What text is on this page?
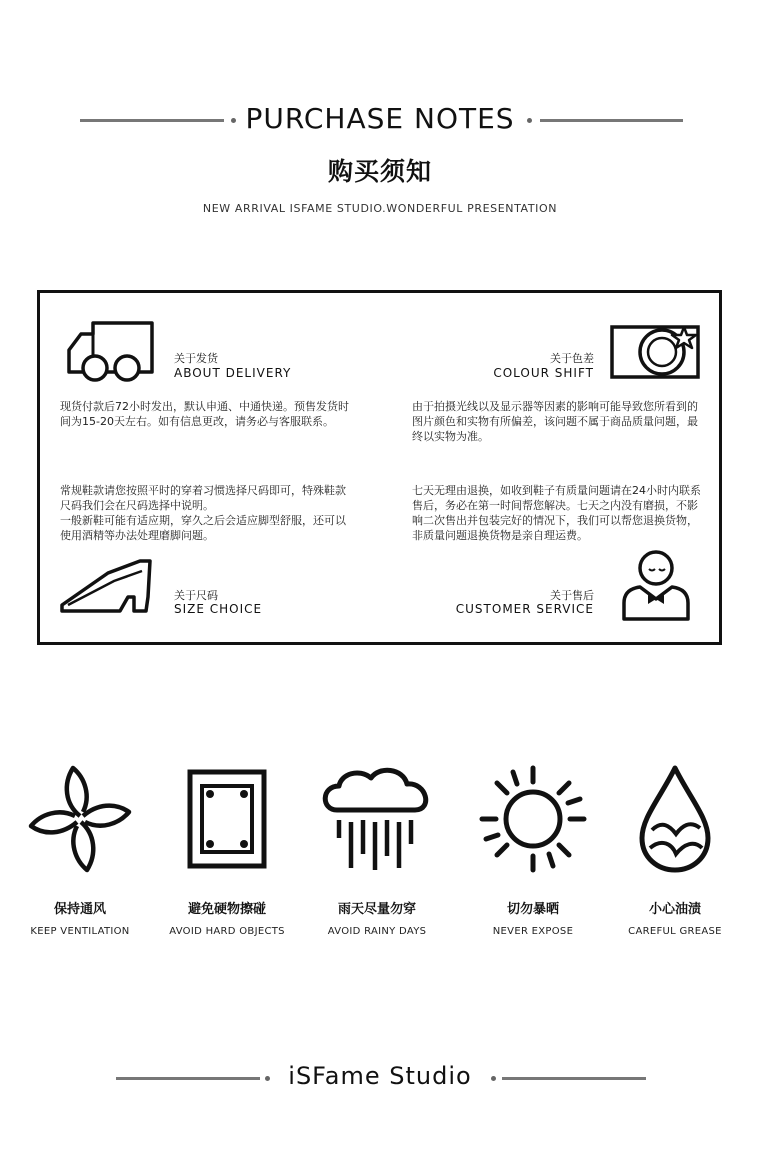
PURCHASE NOTES
购买须知
NEW ARRIVAL ISFAME STUDIO.WONDERFUL PRESENTATION
关于发货
ABOUT DELIVERY

现货付款后72小时发出，默认申通、中通快递。预售发货时间为15-20天左右。如有信息更改，请务必与客服联系。

关于色差
COLOUR SHIFT

由于拍摄光线以及显示器等因素的影响可能导致您所看到的图片颜色和实物有所偏差，该问题不属于商品质量问题，最终以实物为准。

常规鞋款请您按照平时的穿着习惯选择尺码即可，特殊鞋款尺码我们会在尺码选择中说明。

一般新鞋可能有适应期，穿久之后会适应脚型舒服，还可以使用酒精等办法处理磨脚问题。

关于尺码
SIZE CHOICE

七天无理由退换，如收到鞋子有质量问题请在24小时内联系售后，务必在第一时间帮您解决。七天之内没有磨损，不影响二次售出并包装完好的情况下，我们可以帮您退换货物，非质量问题退换货物是亲自理运费。

关于售后
CUSTOMER SERVICE
保持通风
KEEP VENTILATION
避免硬物擦碰
AVOID HARD OBJECTS
雨天尽量勿穿
AVOID RAINY DAYS
切勿暴晒
NEVER EXPOSE
小心油渍
CAREFUL GREASE
iSFame Studio
